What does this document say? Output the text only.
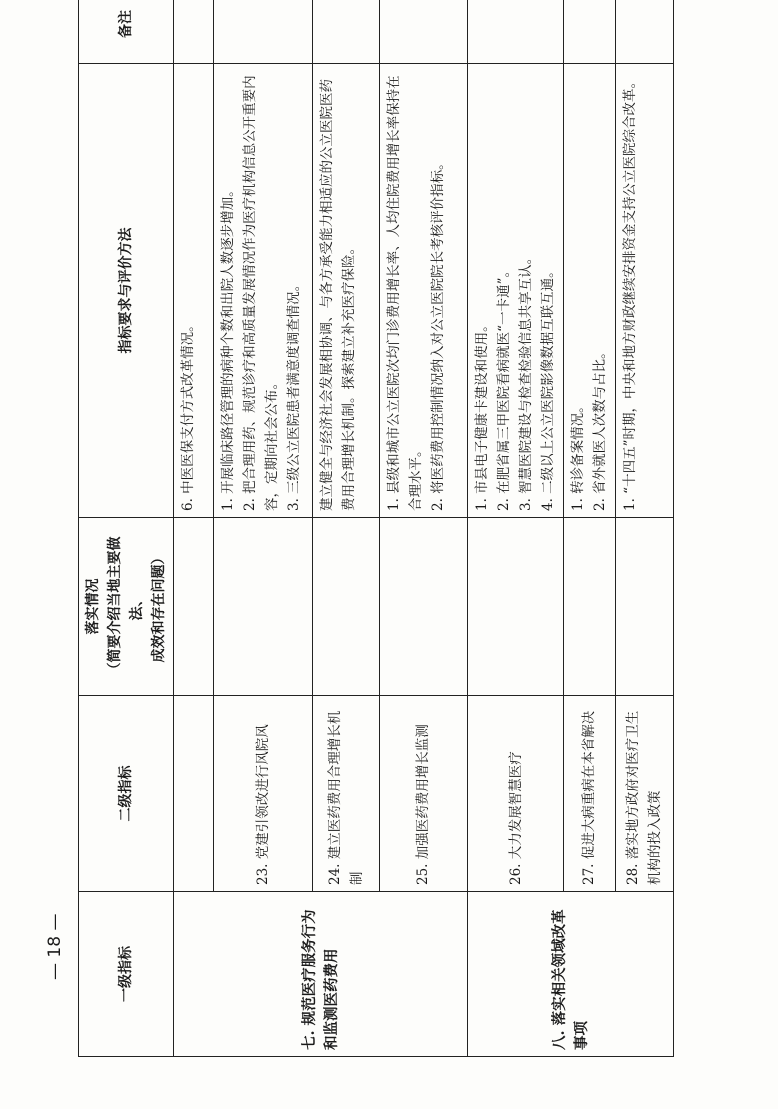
一级指标	二级指标	落实情况 （简要介绍当地主要做法、 成效和存在问题）	指标要求与评价方法	备注
七. 规范医疗服务行为和监测医药费用			6. 中医医保支付方式改革情况。	

	23. 党建引领改进行风院风		1. 开展临床路径管理的病种个数和出院人数逐步增加。 2. 把合理用药、规范诊疗和高质量发展情况作为医疗机构信息公开重要内容，定期向社会公布。 3. 三级公立医院患者满意度调查情况。	

	24. 建立医药费用合理增长机制		建立健全与经济社会发展相协调、与各方承受能力相适应的公立医院医药费用合理增长机制。探索建立补充医疗保险。	

	25. 加强医药费用增长监测		1. 县级和城市公立医院次均门诊费用增长率、人均住院费用增长率保持在合理水平。 2. 将医药费用控制情况纳入对公立医院院长考核评价指标。	

八. 落实相关领域改革事项	26. 大力发展智慧医疗		1. 市县电子健康卡建设和使用。 2. 在肥省属三甲医院看病就医“一卡通”。 3. 智慧医院建设与检查检验信息共享互认。 4. 二级以上公立医院影像数据互联互通。	

	27. 促进大病重病在本省解决		1. 转诊备案情况。 2. 省外就医人次数与占比。	

	28. 落实地方政府对医疗卫生机构的投入政策		1. “十四五”时期，中央和地方财政继续安排资金支持公立医院综合改革。	

— 18 —
